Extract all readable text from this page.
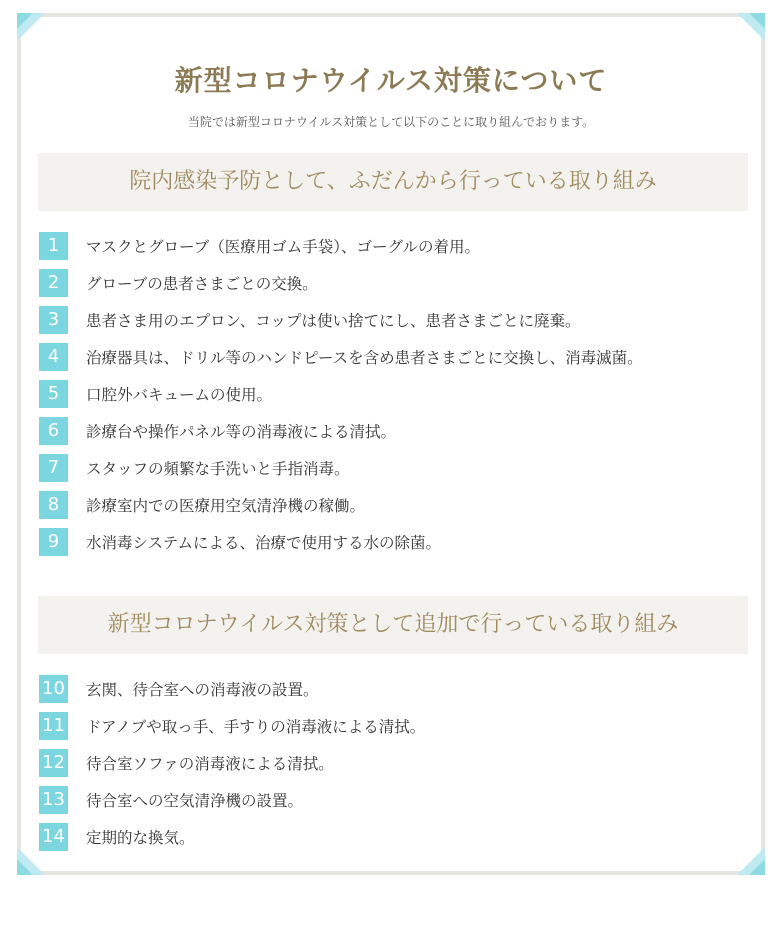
新型コロナウイルス対策について
当院では新型コロナウイルス対策として以下のことに取り組んでおります。
院内感染予防として、ふだんから行っている取り組み
1	マスクとグローブ（医療用ゴム手袋）、ゴーグルの着用。
2	グローブの患者さまごとの交換。
3	患者さま用のエプロン、コップは使い捨てにし、患者さまごとに廃棄。
4	治療器具は、ドリル等のハンドピースを含め患者さまごとに交換し、消毒滅菌。
5	口腔外バキュームの使用。
6	診療台や操作パネル等の消毒液による清拭。
7	スタッフの頻繁な手洗いと手指消毒。
8	診療室内での医療用空気清浄機の稼働。
9	水消毒システムによる、治療で使用する水の除菌。
新型コロナウイルス対策として追加で行っている取り組み
10 玄関、待合室への消毒液の設置。
11 ドアノブや取っ手、手すりの消毒液による清拭。
12 待合室ソファの消毒液による清拭。
13 待合室への空気清浄機の設置。
14 定期的な換気。
